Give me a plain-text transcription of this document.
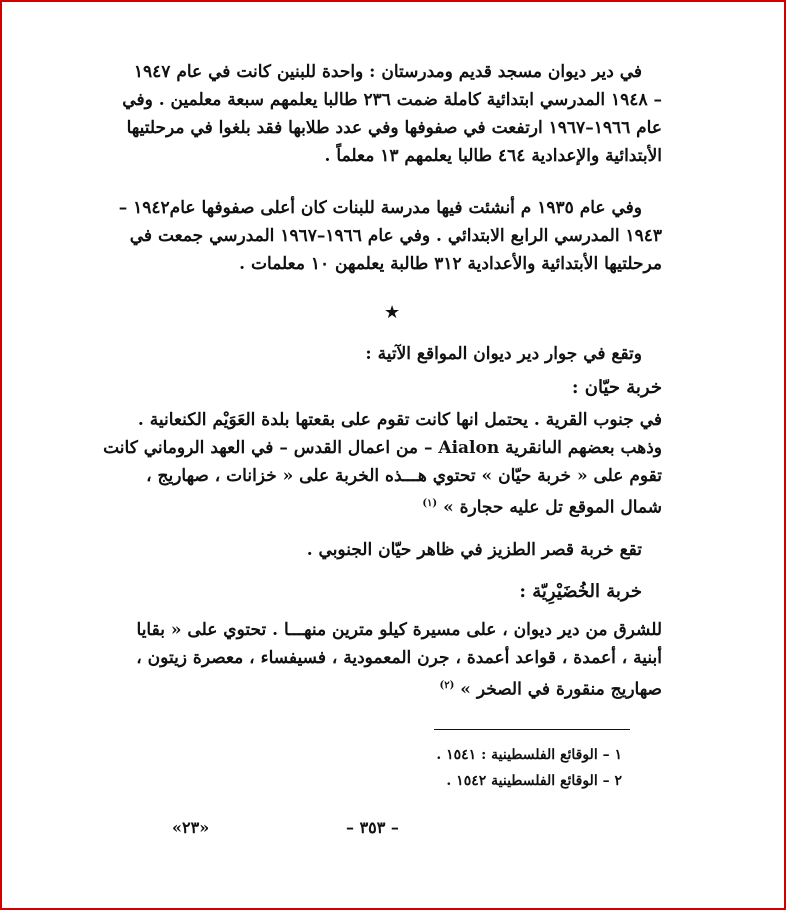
في دير ديوان مسجد قديم ومدرستان : واحدة للبنين كانت في عام ١٩٤٧
– ١٩٤٨ المدرسي ابتدائية كاملة ضمت ٢٣٦ طالبا يعلمهم سبعة معلمين . وفي
عام ١٩٦٦–١٩٦٧ ارتفعت في صفوفها وفي عدد طلابها فقد بلغوا في مرحلتيها
الأبتدائية والإعدادية ٤٦٤ طالبا يعلمهم ١٣ معلماً .
وفي عام ١٩٣٥ م أنشئت فيها مدرسة للبنات كان أعلى صفوفها عام١٩٤٢ –
١٩٤٣ المدرسي الرابع الابتدائي . وفي عام ١٩٦٦–١٩٦٧ المدرسي جمعت في
مرحلتيها الأبتدائية والأعدادية ٣١٢ طالبة يعلمهن ١٠ معلمات .
★
وتقع في جوار دير ديوان المواقع الآتية :
خربة حيّان :
في جنوب القرية . يحتمل انها كانت تقوم على بقعتها بلدة العَوَيْم الكنعانية .
وذهب بعضهم الىانقرية Aialon – من اعمال القدس – في العهد الروماني كانت
تقوم على « خربة حيّان » تحتوي هـــذه الخربة على « خزانات ، صهاريج ،
شمال الموقع تل عليه حجارة » $^{(١)}$
تقع خربة قصر الطزيز في ظاهر حيّان الجنوبي .
خربة الخُضَيْرِيّة :
للشرق من دير ديوان ، على مسيرة كيلو مترين منهـــا . تحتوي على « بقايا
أبنية ، أعمدة ، قواعد أعمدة ، جرن المعمودية ، فسيفساء ، معصرة زيتون ،
صهاريج منقورة في الصخر » $^{(٢)}$
١ – الوقائع الفلسطينية : ١٥٤١ .
٢ – الوقائع الفلسطينية ١٥٤٢ .
– ٣٥٣ –
«٢٣»
